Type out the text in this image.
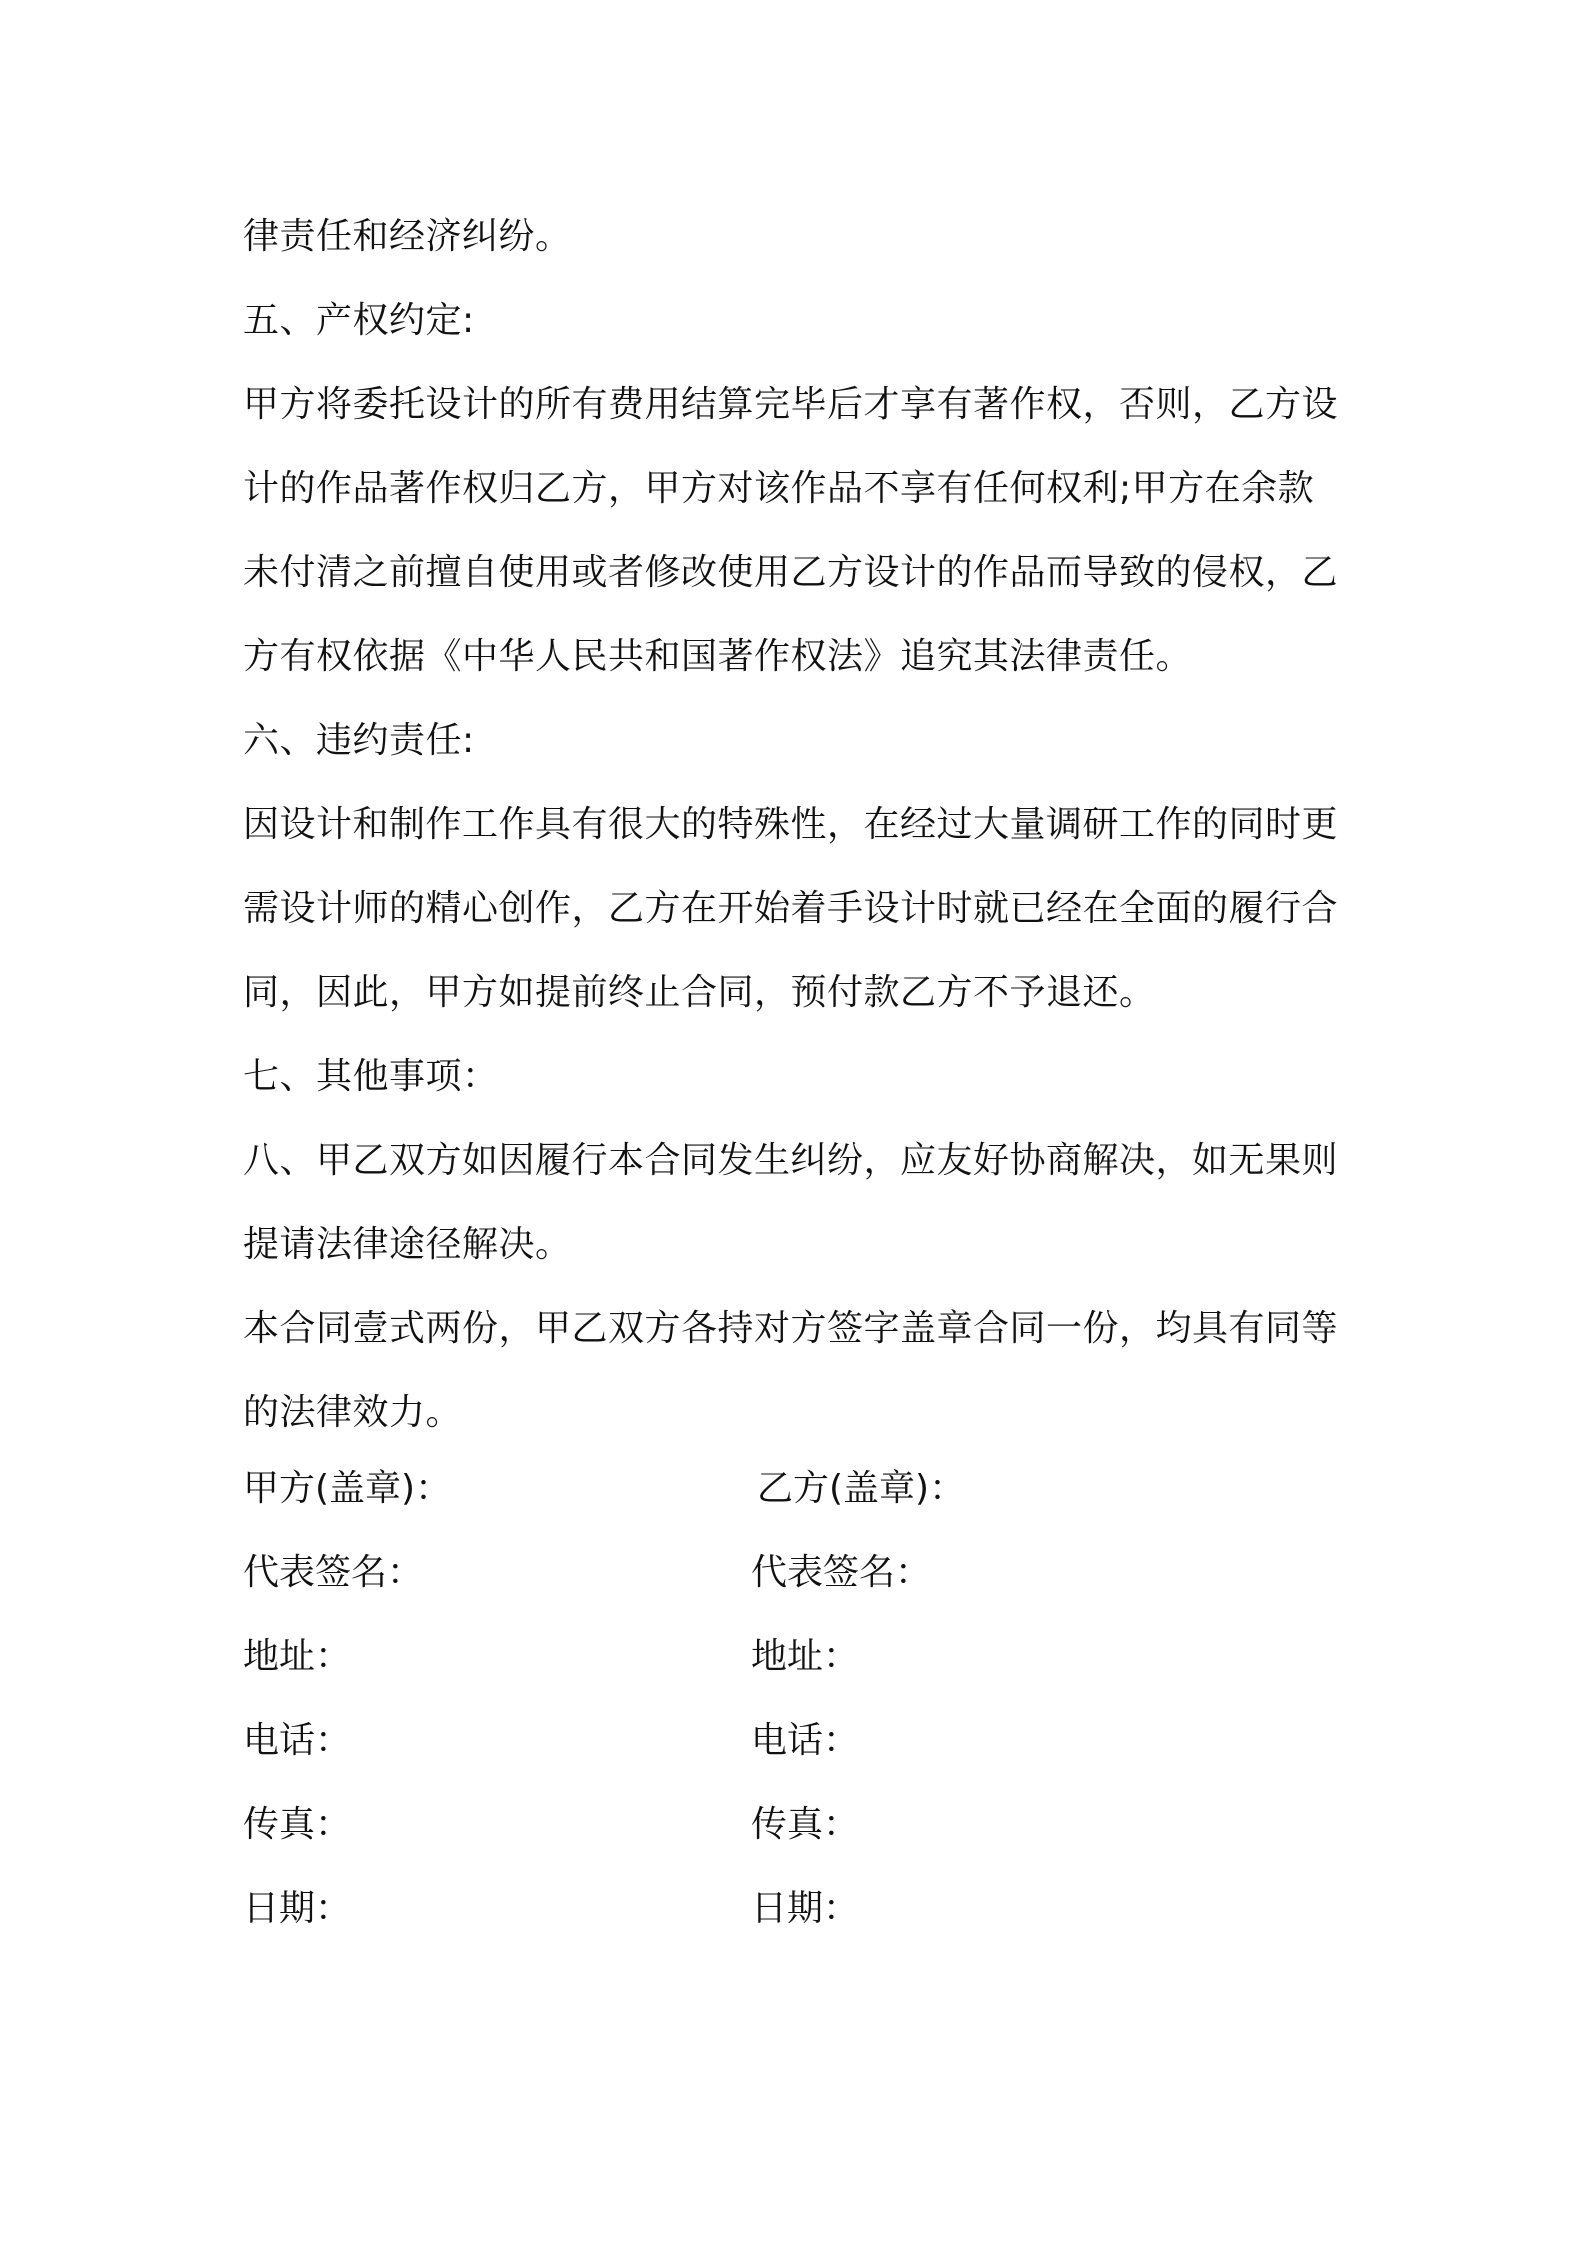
律责任和经济纠纷。
五、产权约定:
甲方将委托设计的所有费用结算完毕后才享有著作权，否则，乙方设
计的作品著作权归乙方，甲方对该作品不享有任何权利;甲方在余款
未付清之前擅自使用或者修改使用乙方设计的作品而导致的侵权，乙
方有权依据《中华人民共和国著作权法》追究其法律责任。
六、违约责任:
因设计和制作工作具有很大的特殊性，在经过大量调研工作的同时更
需设计师的精心创作，乙方在开始着手设计时就已经在全面的履行合
同，因此，甲方如提前终止合同，预付款乙方不予退还。
七、其他事项：
八、甲乙双方如因履行本合同发生纠纷，应友好协商解决，如无果则
提请法律途径解决。
本合同壹式两份，甲乙双方各持对方签字盖章合同一份，均具有同等
的法律效力。
甲方(盖章)：	乙方(盖章)：
代表签名：	代表签名：
地址：	地址：
电话：	电话：
传真：	传真：
日期：	日期：
